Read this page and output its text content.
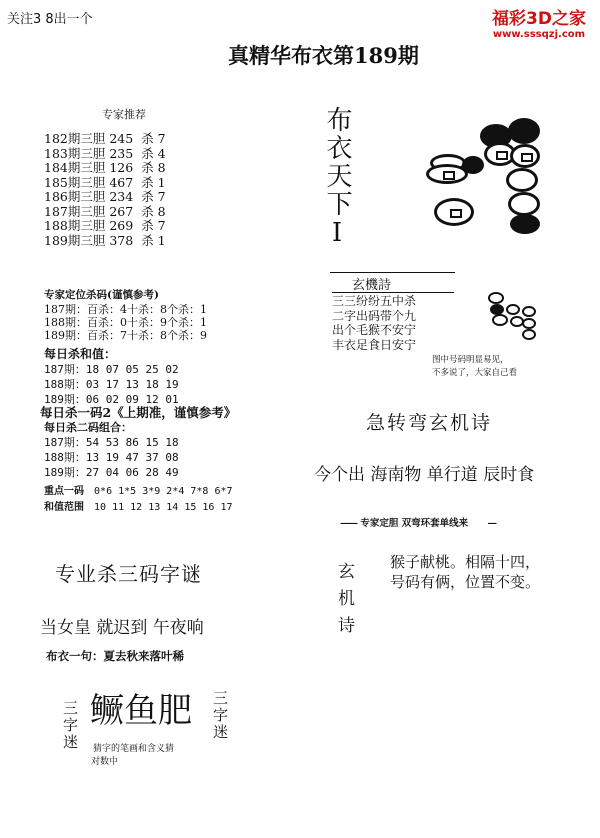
关注3 8出一个	福彩3D之家
www.sssqzj.com
真精华布衣第189期
专家推荐
182期三胆 245  杀 7
183期三胆 235  杀 4
184期三胆 126  杀 8
185期三胆 467  杀 1
186期三胆 234  杀 7
187期三胆 267  杀 8
188期三胆 269  杀 7
189期三胆 378  杀 1
专家定位杀码(谨慎参考)
187期：百杀：4十杀：8个杀：1
188期：百杀：0十杀：9个杀：1
189期：百杀：7十杀：8个杀：9
每日杀和值：
187期：18 07 05 25 02
188期：03 17 13 18 19
189期：06 02 09 12 01
每日杀一码2《上期准，谨慎参考》
每日杀二码组合：
187期：54 53 86 15 18
188期：13 19 47 37 08
189期：27 04 06 28 49
重点一码 0*6 1*5 3*9 2*4 7*8 6*7
和值范围 10 11 12 13 14 15 16 17
专业杀三码字谜
当女皇 就迟到 午夜响
布衣一句：夏去秋来落叶稀
三字迷 鳜鱼肥 三字迷
猜字的笔画和含义猜
对数中
布衣天下Ⅰ
玄機詩
三三纷纷五中杀
二字出码带个九
出个毛猴不安宁
丰衣足食日安宁
图中号码明显易见，
不多说了，大家自己看
急转弯玄机诗
今个出 海南物 单行道 辰时食
—— 专家定胆 双弯环套单线来 —
玄机诗 猴子献桃。相隔十四，
号码有俩，位置不变。
